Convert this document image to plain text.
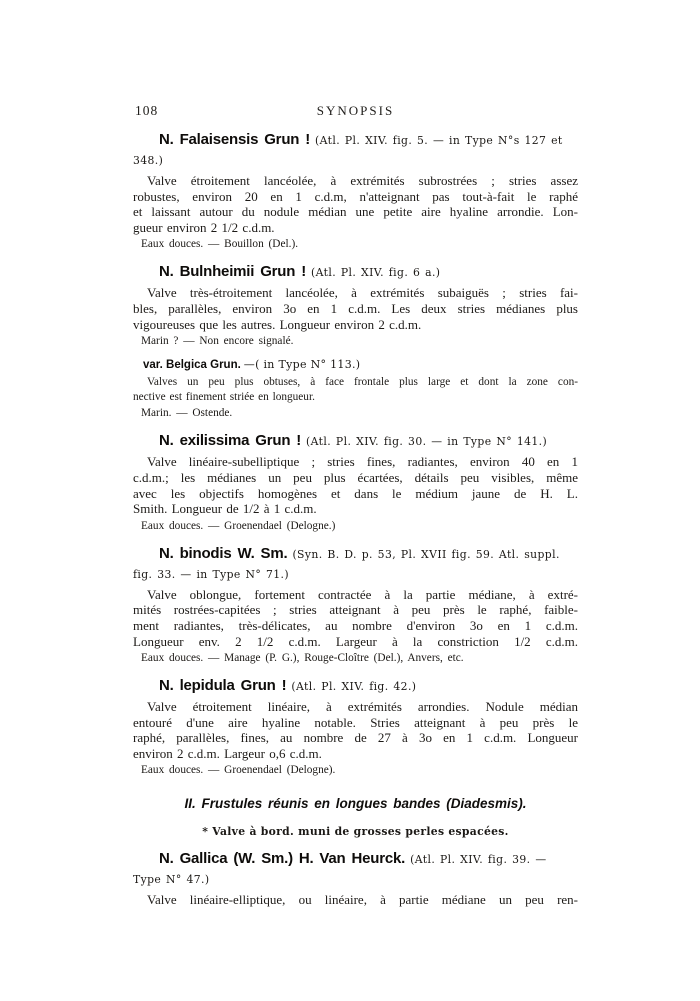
108	SYNOPSIS
N. Falaisensis Grun ! (Atl. Pl. XIV. fig. 5. — in Type N°s 127 et 348.)
Valve étroitement lancéolée, à extrémités subrostrées ; stries assez
robustes, environ 20 en 1 c.d.m, n'atteignant pas tout-à-fait le raphé
et laissant autour du nodule médian une petite aire hyaline arrondie. Lon-
gueur environ 2 1/2 c.d.m.
Eaux douces. — Bouillon (Del.).
N. Bulnheimii Grun ! (Atl. Pl. XIV. fig. 6 a.)
Valve très-étroitement lancéolée, à extrémités subaiguës ; stries fai-
bles, parallèles, environ 3o en 1 c.d.m. Les deux stries médianes plus
vigoureuses que les autres. Longueur environ 2 c.d.m.
Marin ? — Non encore signalé.
var. Belgica Grun. —( in Type N° 113.)
Valves un peu plus obtuses, à face frontale plus large et dont la zone con-
nective est finement striée en longueur.
Marin. — Ostende.
N. exilissima Grun ! (Atl. Pl. XIV. fig. 30. — in Type N° 141.)
Valve linéaire-subelliptique ; stries fines, radiantes, environ 40 en 1
c.d.m.; les médianes un peu plus écartées, détails peu visibles, même
avec les objectifs homogènes et dans le médium jaune de H. L.
Smith. Longueur de 1/2 à 1 c.d.m.
Eaux douces. — Groenendael (Delogne.)
N. binodis W. Sm. (Syn. B. D. p. 53, Pl. XVII fig. 59. Atl. suppl. fig. 33. — in Type N° 71.)
Valve oblongue, fortement contractée à la partie médiane, à extré-
mités rostrées-capitées ; stries atteignant à peu près le raphé, faible-
ment radiantes, très-délicates, au nombre d'environ 3o en 1 c.d.m.
Longueur env. 2 1/2 c.d.m. Largeur à la constriction 1/2 c.d.m.
Eaux douces. — Manage (P. G.), Rouge-Cloître (Del.), Anvers, etc.
N. lepidula Grun ! (Atl. Pl. XIV. fig. 42.)
Valve étroitement linéaire, à extrémités arrondies. Nodule médian
entouré d'une aire hyaline notable. Stries atteignant à peu près le
raphé, parallèles, fines, au nombre de 27 à 3o en 1 c.d.m. Longueur
environ 2 c.d.m. Largeur o,6 c.d.m.
Eaux douces. — Groenendael (Delogne).
II. Frustules réunis en longues bandes (Diadesmis).
* Valve à bord. muni de grosses perles espacées.
N. Gallica (W. Sm.) H. Van Heurck. (Atl. Pl. XIV. fig. 39. — Type N° 47.)
Valve linéaire-elliptique, ou linéaire, à partie médiane un peu ren-
